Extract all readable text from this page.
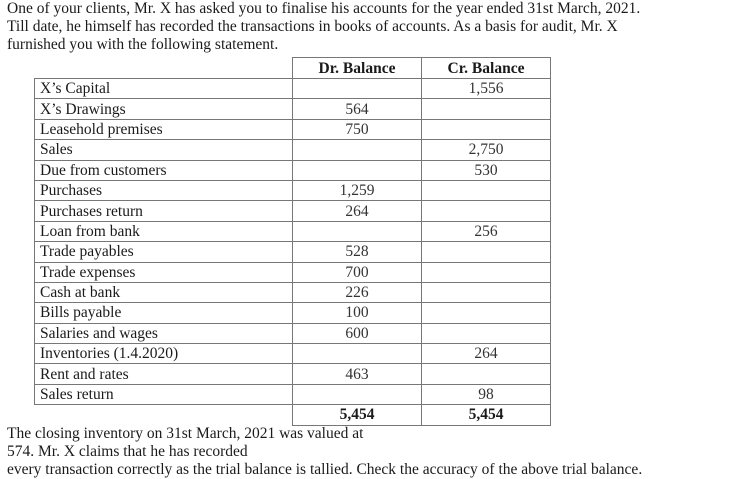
One of your clients, Mr. X has asked you to finalise his accounts for the year ended 31st March, 2021.
Till date, he himself has recorded the transactions in books of accounts. As a basis for audit, Mr. X
furnished you with the following statement.

	Dr. Balance	Cr. Balance
X’s Capital		1,556
X’s Drawings	564	
Leasehold premises	750	
Sales		2,750
Due from customers		530
Purchases	1,259	
Purchases return	264	
Loan from bank		256
Trade payables	528	
Trade expenses	700	
Cash at bank	226	
Bills payable	100	
Salaries and wages	600	
Inventories (1.4.2020)		264
Rent and rates	463	
Sales return		98
	5,454	5,454

The closing inventory on 31st March, 2021 was valued at
574. Mr. X claims that he has recorded
every transaction correctly as the trial balance is tallied. Check the accuracy of the above trial balance.
